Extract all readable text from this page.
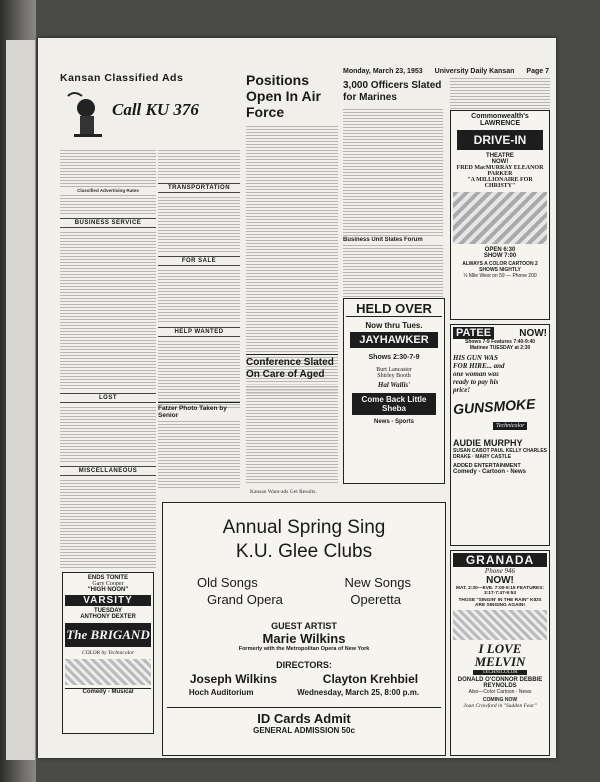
Monday, March 23, 1953 University Daily Kansan Page 7
Kansan Classified Ads
Call KU 376
Classified Advertising Rates
BUSINESS SERVICE
LOST
MISCELLANEOUS
ENDS TONITE
Gary Cooper
"HIGH NOON"
VARSITY
TUESDAY
ANTHONY DEXTER
The BRIGAND
COLOR by Technicolor
Comedy - Musical
TRANSPORTATION
FOR SALE
HELP WANTED
Fatzer Photo Taken by Senior
Positions Open In Air Force
Conference Slated On Care of Aged
3,000 Officers Slated for Marines
Business Unit Slates Forum
HELD OVER
Now thru Tues.
JAYHAWKER
Shows 2:30-7-9
Burt Lancaster
Shirley Booth
Hal Wallis'
Come Back Little Sheba
News - Sports
Kansan Want-ads Get Results.
Commonwealth's LAWRENCE
DRIVE-IN
THEATRE
NOW!
FRED MacMURRAY ELEANOR PARKER
"A MILLIONAIRE FOR CHRISTY"
OPEN 6:30
SHOW 7:00
ALWAYS A COLOR CARTOON 2 SHOWS NIGHTLY
½ Mile West on 59 — Phone 200
PATEE	NOW!
Shows 7-9 Features 7:40-9:40
Matinee TUESDAY at 2:30
HIS GUN WAS FOR HIRE... and one woman was ready to pay his price!
GUNSMOKE
Technicolor
AUDIE MURPHY
SUSAN CABOT PAUL KELLY CHARLES DRAKE · MARY CASTLE
ADDED ENTERTAINMENT
Comedy - Cartoon - News
GRANADA
Phone 946
NOW!
MAT. 2:30—EVE. 7:00-9:15 FEATURES: 3:17-7:47-9:53
THOSE "SINGIN' IN THE RAIN" KIDS ARE SINGING AGAIN!
I LOVE MELVIN
TECHNICOLOR
DONALD O'CONNOR DEBBIE REYNOLDS
Also—Color Cartoon · News
COMING NOW
Joan Crawford in "Sudden Fear"
Annual Spring Sing
K.U. Glee Clubs
Old Songs	New Songs
Grand Opera	Operetta
GUEST ARTIST
Marie Wilkins
Formerly with the Metropolitan Opera of New York
DIRECTORS:
Joseph Wilkins	Clayton Krehbiel
Hoch Auditorium	Wednesday, March 25, 8:00 p.m.
ID Cards Admit
GENERAL ADMISSION 50c
